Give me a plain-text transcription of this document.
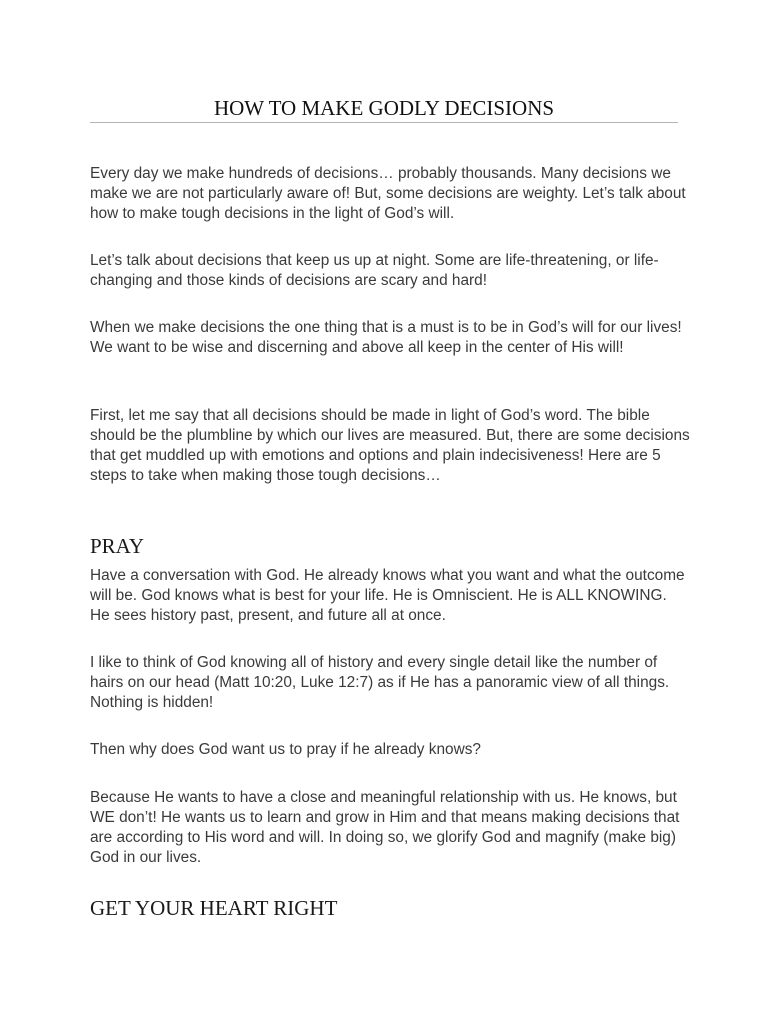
HOW TO MAKE GODLY DECISIONS

Every day we make hundreds of decisions… probably thousands. Many decisions we make we are not particularly aware of! But, some decisions are weighty. Let’s talk about how to make tough decisions in the light of God’s will.

Let’s talk about decisions that keep us up at night. Some are life-threatening, or life-changing and those kinds of decisions are scary and hard!

When we make decisions the one thing that is a must is to be in God’s will for our lives! We want to be wise and discerning and above all keep in the center of His will!

First, let me say that all decisions should be made in light of God’s word. The bible should be the plumbline by which our lives are measured. But, there are some decisions that get muddled up with emotions and options and plain indecisiveness! Here are 5 steps to take when making those tough decisions…

PRAY

Have a conversation with God. He already knows what you want and what the outcome will be. God knows what is best for your life. He is Omniscient. He is ALL KNOWING. He sees history past, present, and future all at once.

I like to think of God knowing all of history and every single detail like the number of hairs on our head (Matt 10:20, Luke 12:7) as if He has a panoramic view of all things. Nothing is hidden!

Then why does God want us to pray if he already knows?

Because He wants to have a close and meaningful relationship with us. He knows, but WE don’t! He wants us to learn and grow in Him and that means making decisions that are according to His word and will. In doing so, we glorify God and magnify (make big) God in our lives.

GET YOUR HEART RIGHT
